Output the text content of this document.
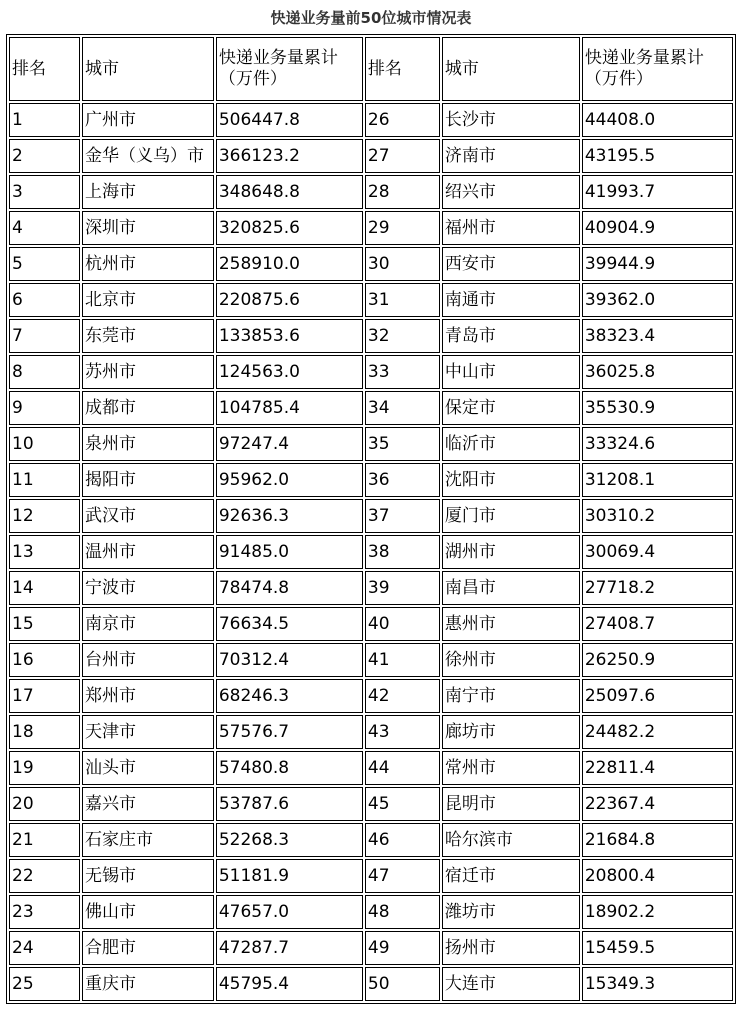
快递业务量前50位城市情况表
排名	城市	快递业务量累计（万件）	排名	城市	快递业务量累计（万件）
1	广州市	506447.8	26	长沙市	44408.0
2	金华（义乌）市	366123.2	27	济南市	43195.5
3	上海市	348648.8	28	绍兴市	41993.7
4	深圳市	320825.6	29	福州市	40904.9
5	杭州市	258910.0	30	西安市	39944.9
6	北京市	220875.6	31	南通市	39362.0
7	东莞市	133853.6	32	青岛市	38323.4
8	苏州市	124563.0	33	中山市	36025.8
9	成都市	104785.4	34	保定市	35530.9
10	泉州市	97247.4	35	临沂市	33324.6
11	揭阳市	95962.0	36	沈阳市	31208.1
12	武汉市	92636.3	37	厦门市	30310.2
13	温州市	91485.0	38	湖州市	30069.4
14	宁波市	78474.8	39	南昌市	27718.2
15	南京市	76634.5	40	惠州市	27408.7
16	台州市	70312.4	41	徐州市	26250.9
17	郑州市	68246.3	42	南宁市	25097.6
18	天津市	57576.7	43	廊坊市	24482.2
19	汕头市	57480.8	44	常州市	22811.4
20	嘉兴市	53787.6	45	昆明市	22367.4
21	石家庄市	52268.3	46	哈尔滨市	21684.8
22	无锡市	51181.9	47	宿迁市	20800.4
23	佛山市	47657.0	48	潍坊市	18902.2
24	合肥市	47287.7	49	扬州市	15459.5
25	重庆市	45795.4	50	大连市	15349.3
